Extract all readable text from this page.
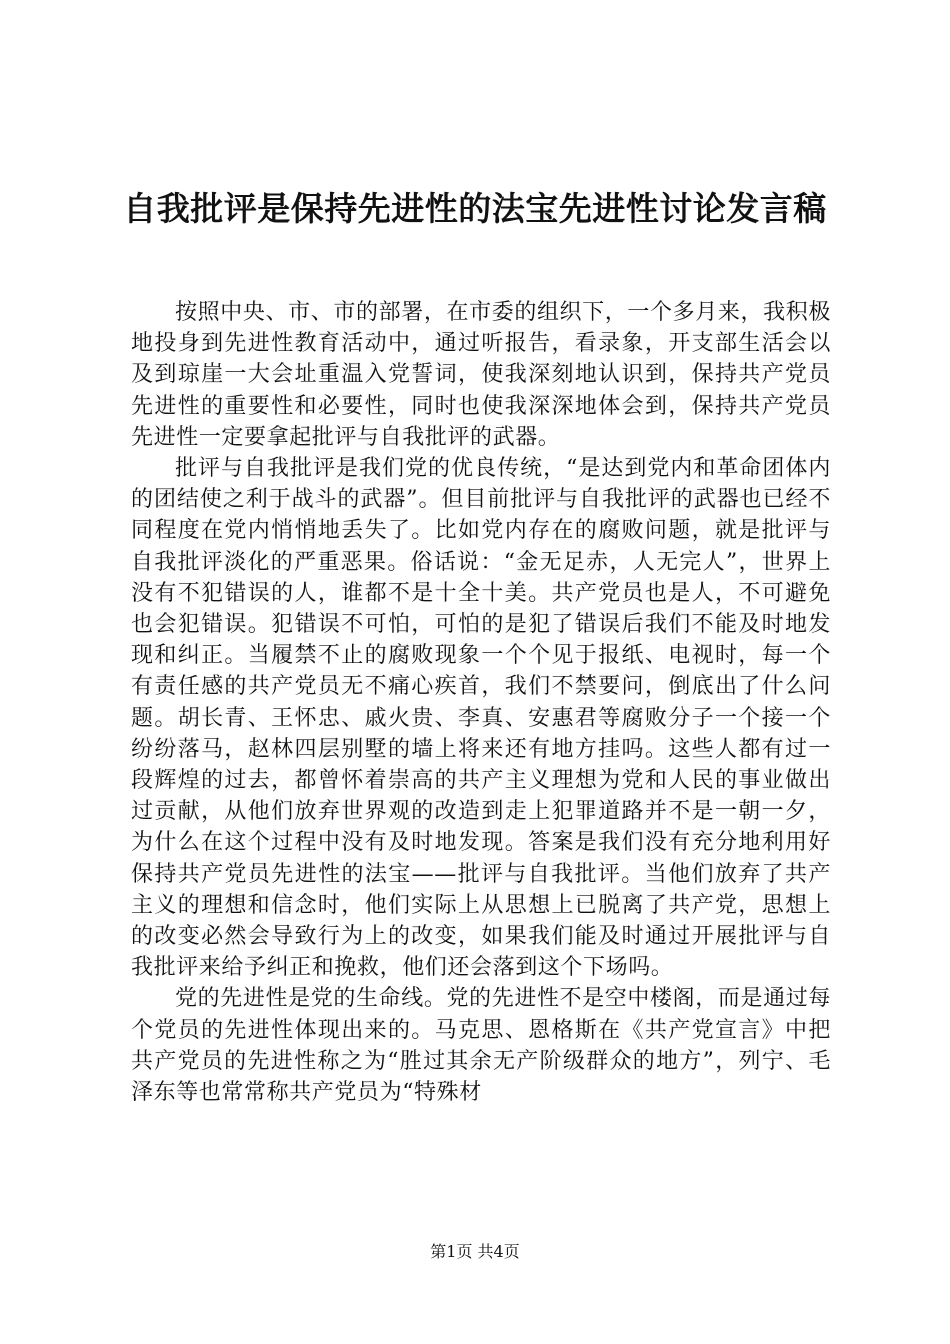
自我批评是保持先进性的法宝先进性讨论发言稿

按照中央、市、市的部署，在市委的组织下，一个多月来，我积极地投身到先进性教育活动中，通过听报告，看录象，开支部生活会以及到琼崖一大会址重温入党誓词，使我深刻地认识到，保持共产党员先进性的重要性和必要性，同时也使我深深地体会到，保持共产党员先进性一定要拿起批评与自我批评的武器。

批评与自我批评是我们党的优良传统，“是达到党内和革命团体内的团结使之利于战斗的武器”。但目前批评与自我批评的武器也已经不同程度在党内悄悄地丢失了。比如党内存在的腐败问题，就是批评与自我批评淡化的严重恶果。俗话说：“金无足赤，人无完人”，世界上没有不犯错误的人，谁都不是十全十美。共产党员也是人，不可避免也会犯错误。犯错误不可怕，可怕的是犯了错误后我们不能及时地发现和纠正。当履禁不止的腐败现象一个个见于报纸、电视时，每一个有责任感的共产党员无不痛心疾首，我们不禁要问，倒底出了什么问题。胡长青、王怀忠、戚火贵、李真、安惠君等腐败分子一个接一个纷纷落马，赵林四层别墅的墙上将来还有地方挂吗。这些人都有过一段辉煌的过去，都曾怀着崇高的共产主义理想为党和人民的事业做出过贡献，从他们放弃世界观的改造到走上犯罪道路并不是一朝一夕，为什么在这个过程中没有及时地发现。答案是我们没有充分地利用好保持共产党员先进性的法宝——批评与自我批评。当他们放弃了共产主义的理想和信念时，他们实际上从思想上已脱离了共产党，思想上的改变必然会导致行为上的改变，如果我们能及时通过开展批评与自我批评来给予纠正和挽救，他们还会落到这个下场吗。

党的先进性是党的生命线。党的先进性不是空中楼阁，而是通过每个党员的先进性体现出来的。马克思、恩格斯在《共产党宣言》中把共产党员的先进性称之为“胜过其余无产阶级群众的地方”，列宁、毛泽东等也常常称共产党员为“特殊材

第1页 共4页
